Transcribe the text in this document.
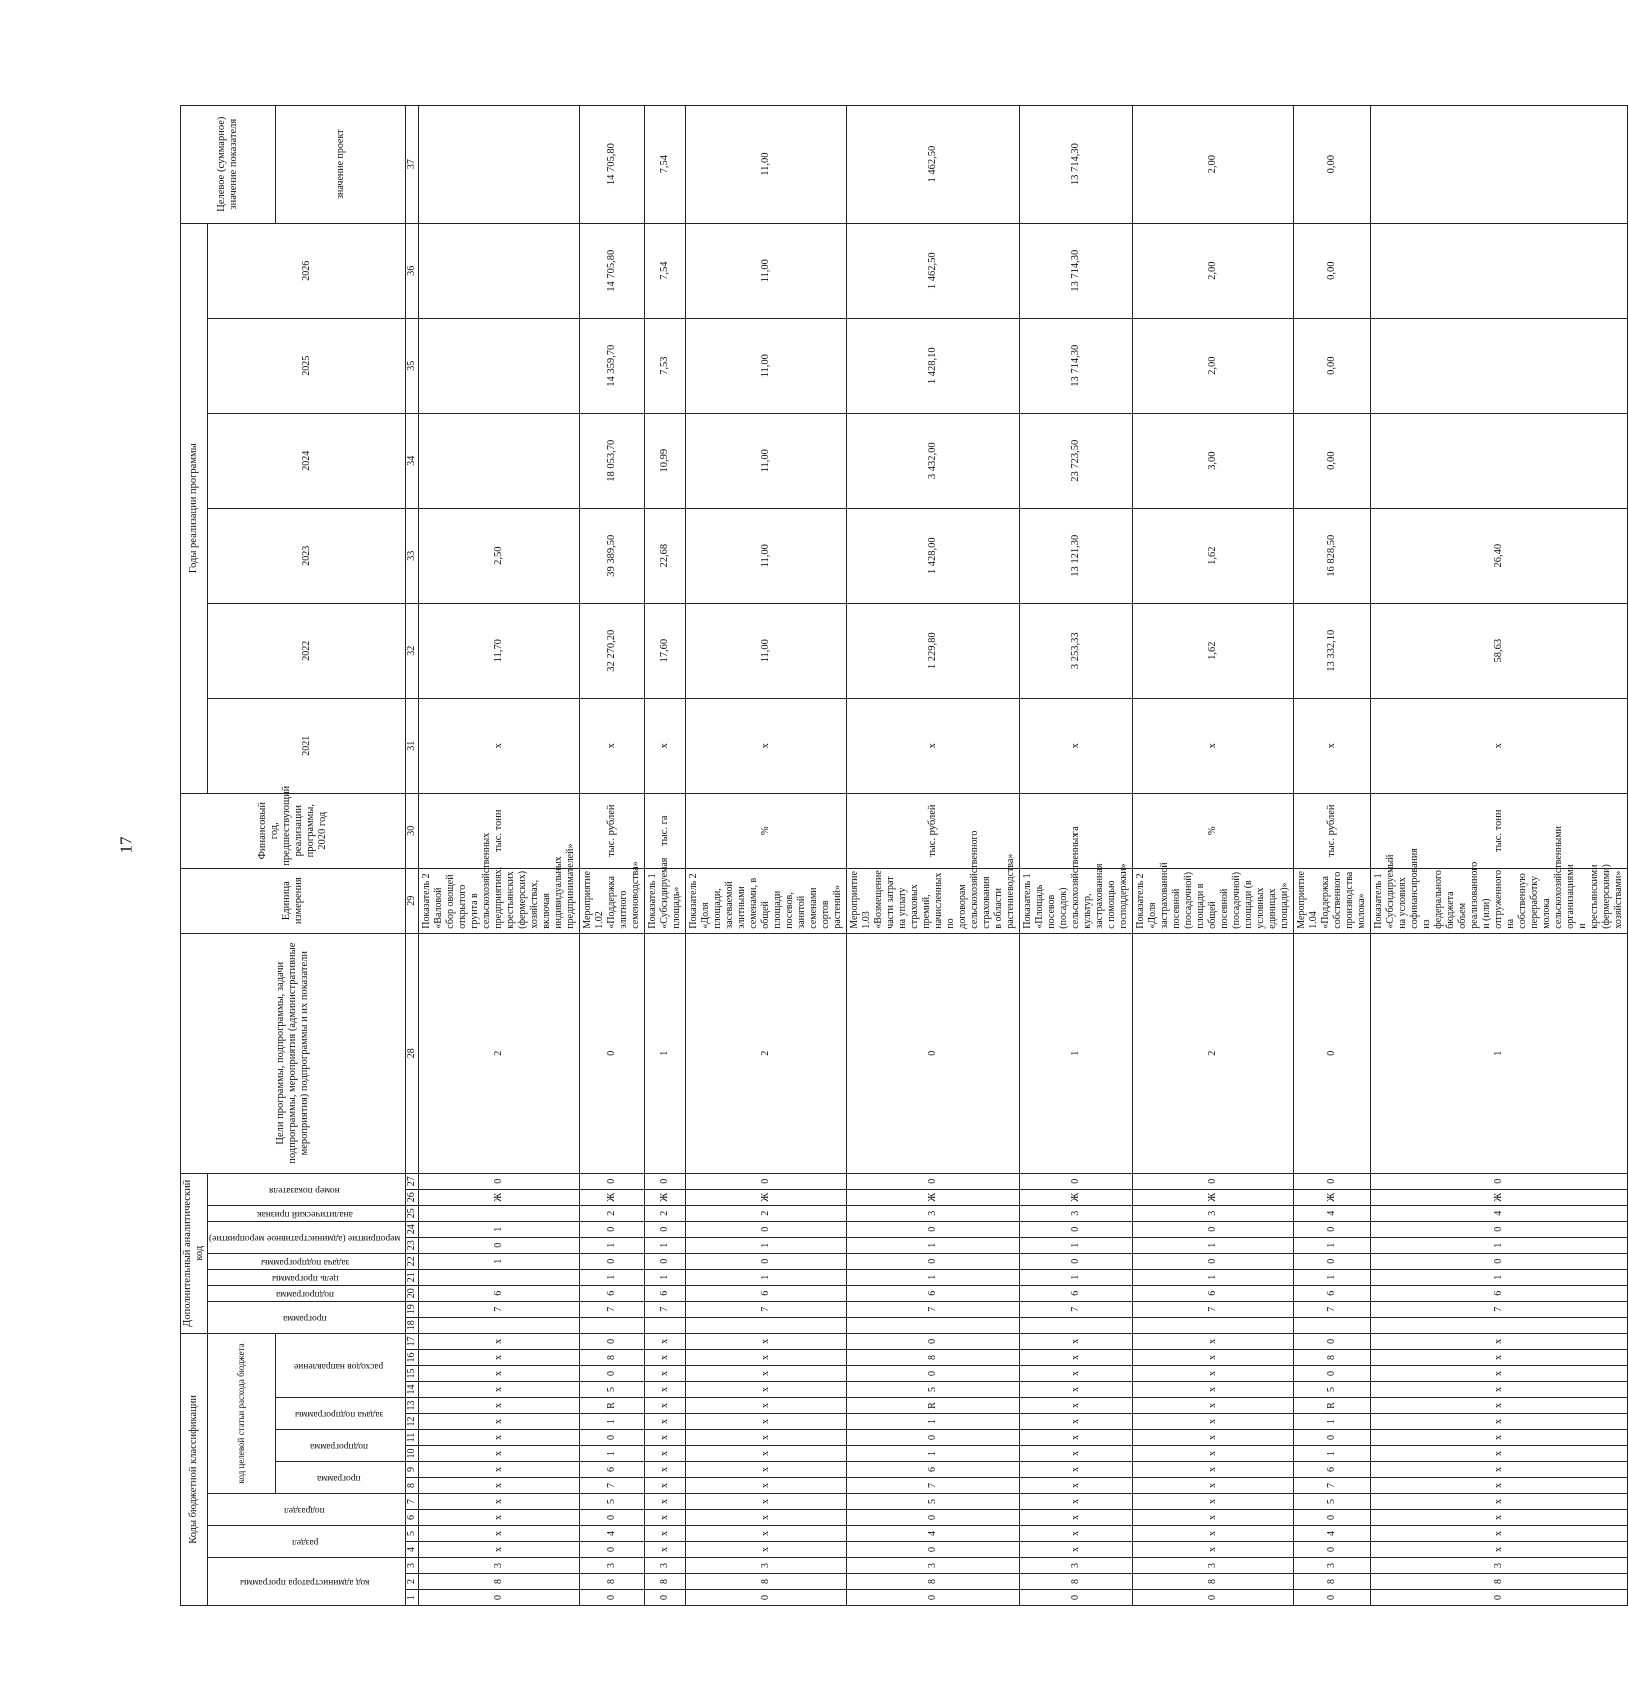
17
Коды бюджетной классификации																	Дополнительный аналитический код										Цели программы, подпрограммы, задачи подпрограммы, мероприятия (административные мероприятия) подпрограммы и их показатели	Единица измерения	Финансовый год, предшествующий реализации программы, 2020 год	Годы реализации программы						Целевое (суммарное) значение показателя	
код администратора программы			раздел		подраздел		код целевой статьи расхода бюджета										программа		подпрограмма	цель программы	задача подпрограммы	мероприятие (административное мероприятие)		аналитический признак	номер показателя					2021	2022	2023	2024	2025	2026		
							программа		подпрограмма		задача подпрограммы		расходов направление																							значение проект	
1	2	3	4	5	6	7	8	9	10	11	12	13	14	15	16	17	18	19	20	21	22	23	24	25	26	27	28	29	30	31	32	33	34	35	36	37	
0	8	3	х	х	х	х	х	х	х	х	х	х	х	х	х	х		7	6		1	0	1		Ж	0	2	Показатель 2 «Валовой сбор овощей открытого грунта в сельскохозяйственных предприятиях, крестьянских (фермерских) хозяйствах, включая индивидуальных предпринимателей»	тыс. тонн	х	11,70	2,50					
0	8	3	0	4	0	5	7	6	1	0	1	R	5	0	8	0		7	6	1	0	1	0	2	Ж	0	0	Мероприятие 1.02 «Поддержка элитного семеноводства»	тыс. рублей	х	32 270,20	39 389,50	18 053,70	14 359,70	14 705,80	14 705,80	
0	8	3	х	х	х	х	х	х	х	х	х	х	х	х	х	х		7	6	1	0	1	0	2	Ж	0	1	Показатель 1 «Субсидируемая площадь»	тыс. га	х	17,60	22,68	10,99	7,53	7,54	7,54	
0	8	3	х	х	х	х	х	х	х	х	х	х	х	х	х	х		7	6	1	0	1	0	2	Ж	0	2	Показатель 2 «Доля площади, засеваемой элитными семенами, в общей площади посевов, занятой семенами сортов растений»	%	х	11,00	11,00	11,00	11,00	11,00	11,00	
0	8	3	0	4	0	5	7	6	1	0	1	R	5	0	8	0		7	6	1	0	1	0	3	Ж	0	0	Мероприятие 1.03 «Возмещение части затрат на уплату страховых премий, начисленных по договорам сельскохозяйственного страхования в области растениеводства»	тыс. рублей	х	1 229,80	1 428,00	3 432,00	1 428,10	1 462,50	1 462,50	
0	8	3	х	х	х	х	х	х	х	х	х	х	х	х	х	х		7	6	1	0	1	0	3	Ж	0	1	Показатель 1 «Площадь посевов (посадок) сельскохозяйственных культур, застрахованная с помощью господдержки»	га	х	3 253,33	13 121,30	23 723,50	13 714,30	13 714,30	13 714,30	
0	8	3	х	х	х	х	х	х	х	х	х	х	х	х	х	х		7	6	1	0	1	0	3	Ж	0	2	Показатель 2 «Доля застрахованной посевной (посадочной) площади в общей посевной (посадочной) площади (в условных единицах площади)»	%	х	1,62	1,62	3,00	2,00	2,00	2,00	
0	8	3	0	4	0	5	7	6	1	0	1	R	5	0	8	0		7	6	1	0	1	0	4	Ж	0	0	Мероприятие 1.04 «Поддержка собственного производства молока»	тыс. рублей	х	13 332,10	16 828,50	0,00	0,00	0,00	0,00	
0	8	3	х	х	х	х	х	х	х	х	х	х	х	х	х	х		7	6	1	0	1	0	4	Ж	0	1	Показатель 1 «Субсидируемый на условиях софинансирования из федерального бюджета объем реализованного и (или) отгруженного на собственную переработку молока сельскохозяйственными организациями и крестьянскими (фермерскими) хозяйствами»	тыс. тонн	х	58,63	26,40					
